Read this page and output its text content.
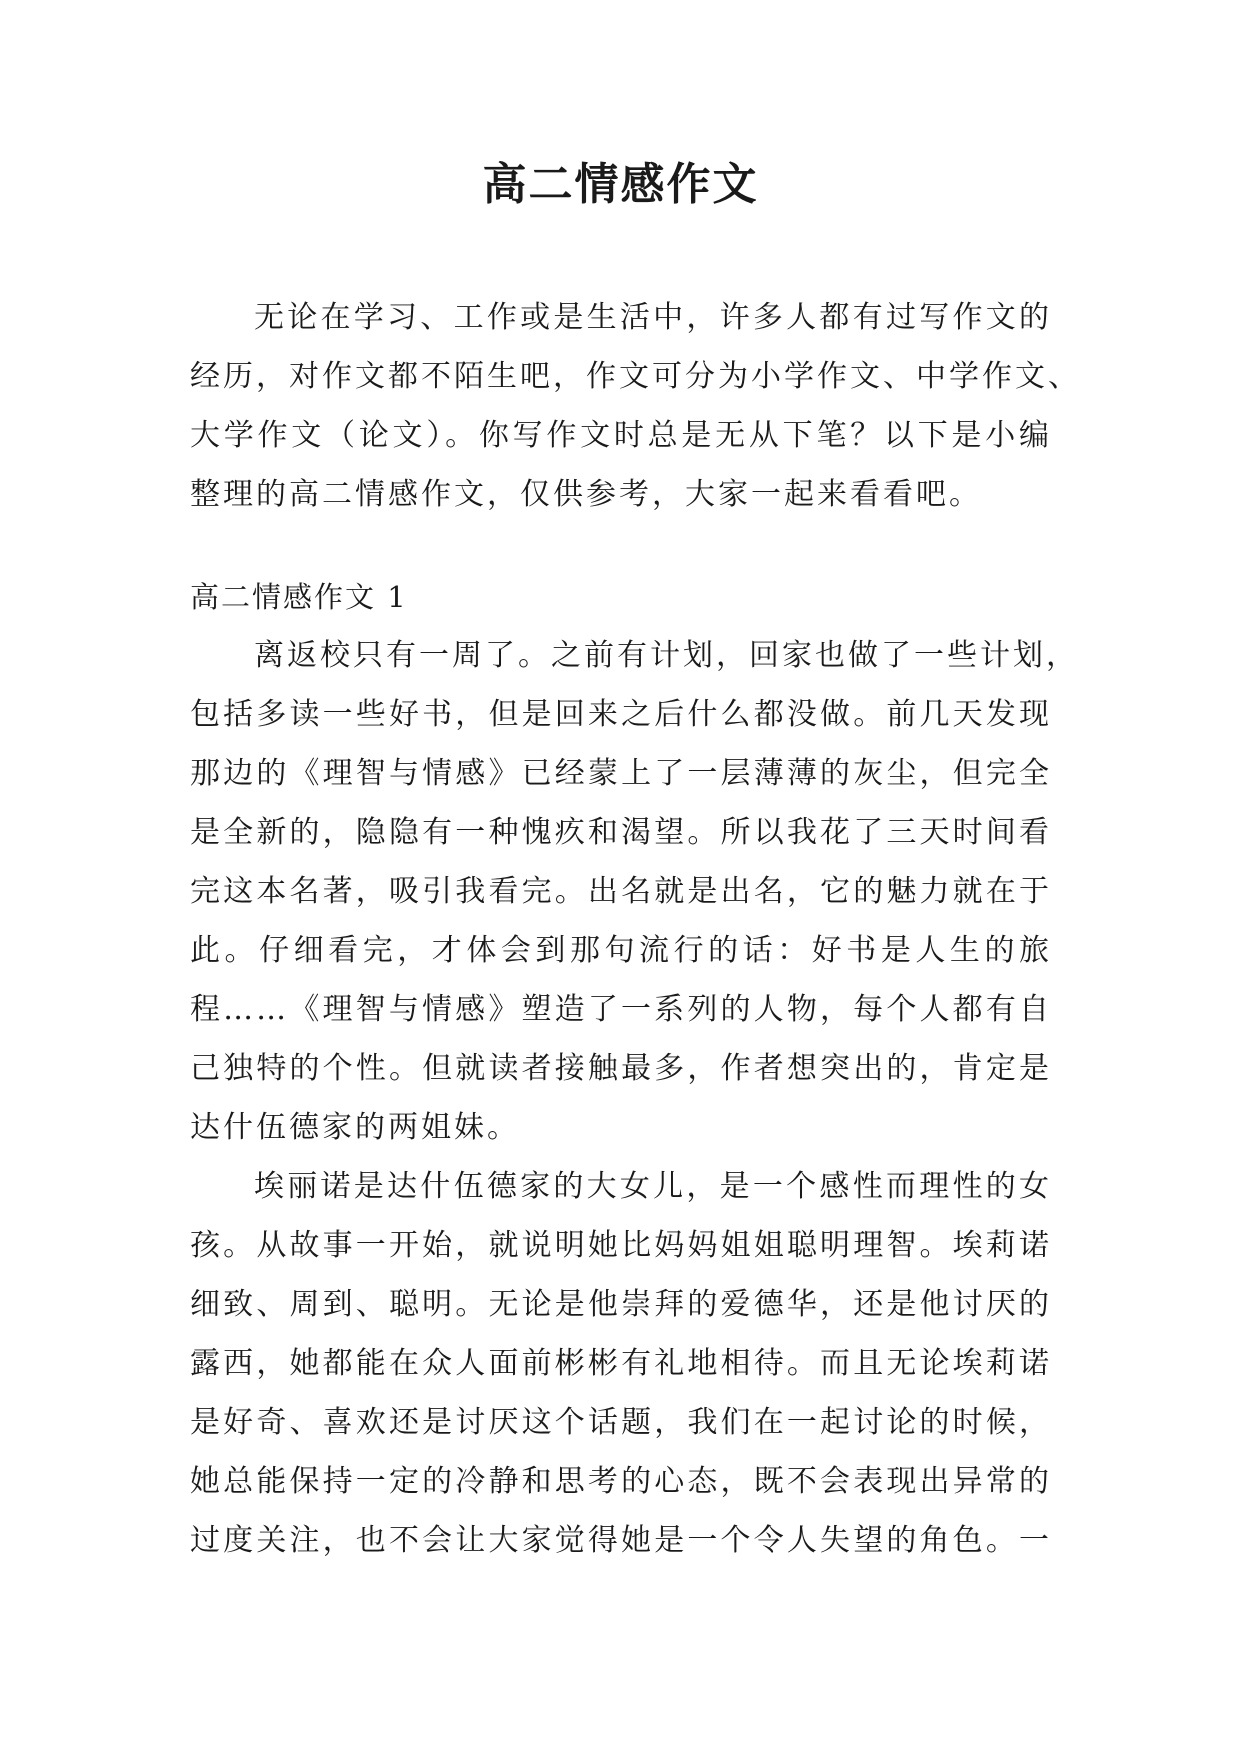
高二情感作文
无论在学习、工作或是生活中，许多人都有过写作文的
经历，对作文都不陌生吧，作文可分为小学作文、中学作文、
大学作文（论文）。你写作文时总是无从下笔？以下是小编
整理的高二情感作文，仅供参考，大家一起来看看吧。
高二情感作文 1
离返校只有一周了。之前有计划，回家也做了一些计划，
包括多读一些好书，但是回来之后什么都没做。前几天发现
那边的《理智与情感》已经蒙上了一层薄薄的灰尘，但完全
是全新的，隐隐有一种愧疚和渴望。所以我花了三天时间看
完这本名著，吸引我看完。出名就是出名，它的魅力就在于
此。仔细看完，才体会到那句流行的话：好书是人生的旅
程……《理智与情感》塑造了一系列的人物，每个人都有自
己独特的个性。但就读者接触最多，作者想突出的，肯定是
达什伍德家的两姐妹。
埃丽诺是达什伍德家的大女儿，是一个感性而理性的女
孩。从故事一开始，就说明她比妈妈姐姐聪明理智。埃莉诺
细致、周到、聪明。无论是他崇拜的爱德华，还是他讨厌的
露西，她都能在众人面前彬彬有礼地相待。而且无论埃莉诺
是好奇、喜欢还是讨厌这个话题，我们在一起讨论的时候，
她总能保持一定的冷静和思考的心态，既不会表现出异常的
过度关注，也不会让大家觉得她是一个令人失望的角色。一
